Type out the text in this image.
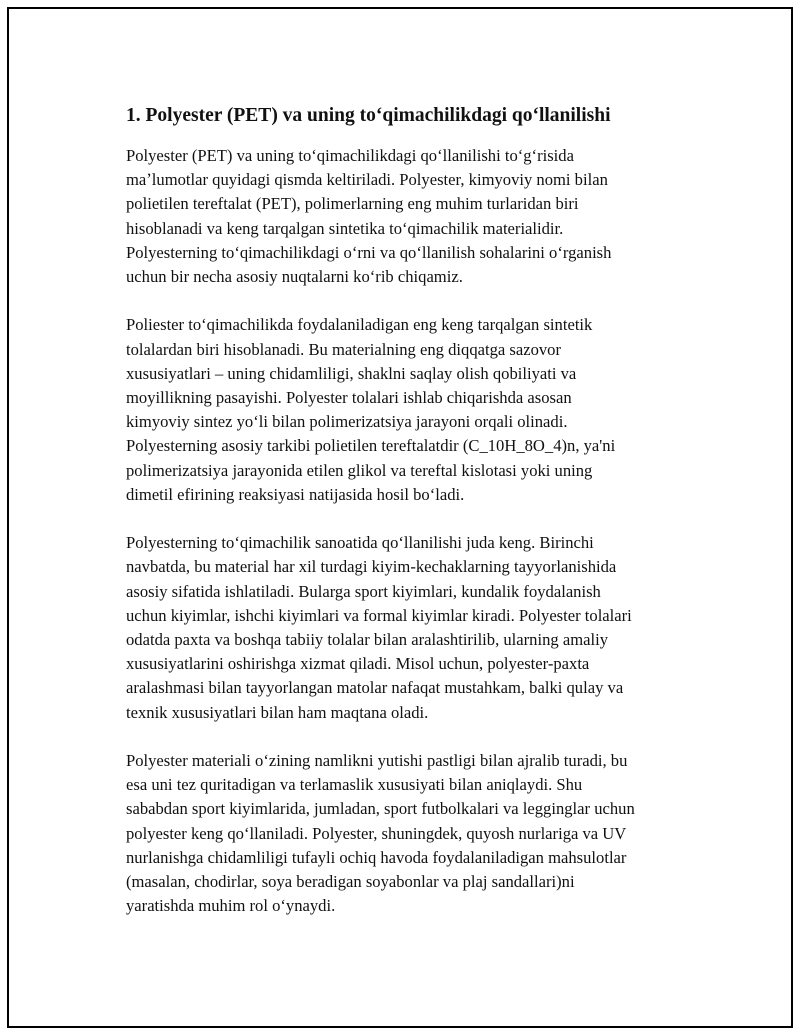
1. Polyester (PET) va uning toʻqimachilikdagi qoʻllanilishi

Polyester (PET) va uning toʻqimachilikdagi qoʻllanilishi toʻgʻrisida
maʼlumotlar quyidagi qismda keltiriladi. Polyester, kimyoviy nomi bilan
polietilen tereftalat (PET), polimerlarning eng muhim turlaridan biri
hisoblanadi va keng tarqalgan sintetika toʻqimachilik materialidir.
Polyesterning toʻqimachilikdagi oʻrni va qoʻllanilish sohalarini oʻrganish
uchun bir necha asosiy nuqtalarni koʻrib chiqamiz.

Poliester toʻqimachilikda foydalaniladigan eng keng tarqalgan sintetik
tolalardan biri hisoblanadi. Bu materialning eng diqqatga sazovor
xususiyatlari – uning chidamliligi, shaklni saqlay olish qobiliyati va
moyillikning pasayishi. Polyester tolalari ishlab chiqarishda asosan
kimyoviy sintez yoʻli bilan polimerizatsiya jarayoni orqali olinadi.
Polyesterning asosiy tarkibi polietilen tereftalatdir (C_10H_8O_4)n, ya'ni
polimerizatsiya jarayonida etilen glikol va tereftal kislotasi yoki uning
dimetil efirining reaksiyasi natijasida hosil boʻladi.

Polyesterning toʻqimachilik sanoatida qoʻllanilishi juda keng. Birinchi
navbatda, bu material har xil turdagi kiyim-kechaklarning tayyorlanishida
asosiy sifatida ishlatiladi. Bularga sport kiyimlari, kundalik foydalanish
uchun kiyimlar, ishchi kiyimlari va formal kiyimlar kiradi. Polyester tolalari
odatda paxta va boshqa tabiiy tolalar bilan aralashtirilib, ularning amaliy
xususiyatlarini oshirishga xizmat qiladi. Misol uchun, polyester-paxta
aralashmasi bilan tayyorlangan matolar nafaqat mustahkam, balki qulay va
texnik xususiyatlari bilan ham maqtana oladi.

Polyester materiali oʻzining namlikni yutishi pastligi bilan ajralib turadi, bu
esa uni tez quritadigan va terlamaslik xususiyati bilan aniqlaydi. Shu
sababdan sport kiyimlarida, jumladan, sport futbolkalari va legginglar uchun
polyester keng qoʻllaniladi. Polyester, shuningdek, quyosh nurlariga va UV
nurlanishga chidamliligi tufayli ochiq havoda foydalaniladigan mahsulotlar
(masalan, chodirlar, soya beradigan soyabonlar va plaj sandallari)ni
yaratishda muhim rol oʻynaydi.
